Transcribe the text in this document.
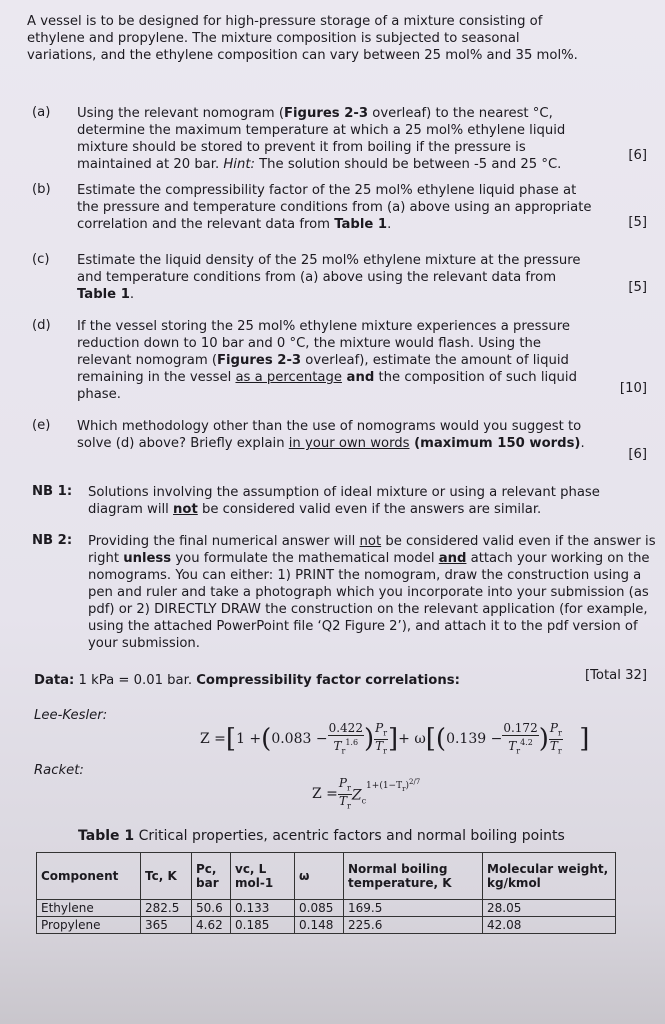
A vessel is to be designed for high-pressure storage of a mixture consisting of ethylene and propylene. The mixture composition is subjected to seasonal variations, and the ethylene composition can vary between 25 mol% and 35 mol%.
(a) Using the relevant nomogram (Figures 2-3 overleaf) to the nearest °C, determine the maximum temperature at which a 25 mol% ethylene liquid mixture should be stored to prevent it from boiling if the pressure is maintained at 20 bar. Hint: The solution should be between -5 and 25 °C.
[6]
(b) Estimate the compressibility factor of the 25 mol% ethylene liquid phase at the pressure and temperature conditions from (a) above using an appropriate correlation and the relevant data from Table 1.	[5]
(c) Estimate the liquid density of the 25 mol% ethylene mixture at the pressure and temperature conditions from (a) above using the relevant data from Table 1.	[5]
(d) If the vessel storing the 25 mol% ethylene mixture experiences a pressure reduction down to 10 bar and 0 °C, the mixture would flash. Using the relevant nomogram (Figures 2-3 overleaf), estimate the amount of liquid remaining in the vessel as a percentage and the composition of such liquid phase.	[10]
(e) Which methodology other than the use of nomograms would you suggest to solve (d) above? Briefly explain in your own words (maximum 150 words).
[6]
NB 1: Solutions involving the assumption of ideal mixture or using a relevant phase diagram will not be considered valid even if the answers are similar.
NB 2: Providing the final numerical answer will not be considered valid even if the answer is right unless you formulate the mathematical model and attach your working on the nomograms. You can either: 1) PRINT the nomogram, draw the construction using a pen and ruler and take a photograph which you incorporate into your submission (as pdf) or 2) DIRECTLY DRAW the construction on the relevant application (for example, using the attached PowerPoint file ‘Q2 Figure 2’), and attach it to the pdf version of your submission.
Data: 1 kPa = 0.01 bar. Compressibility factor correlations:	[Total 32]
Lee-Kesler:
Z = [ 1 + ( $0.083 - \frac{0.422}{T_r^{1.6}}$ ) $\frac{P_r}{T_r}$ ] + ω [( $0.139 - \frac{0.172}{T_r^{4.2}}$ ) $\frac{P_r}{T_r}$ ]
Racket:
$Z = \frac{P_r}{T_r} Z_c^{1+(1-T_r)^{2/7}}$
Table 1 Critical properties, acentric factors and normal boiling points
Component	Tc, K	Pc, bar	vc, L mol-1	ω	Normal boiling temperature, K	Molecular weight, kg/kmol
Ethylene	282.5	50.6	0.133	0.085	169.5	28.05
Propylene	365	4.62	0.185	0.148	225.6	42.08
